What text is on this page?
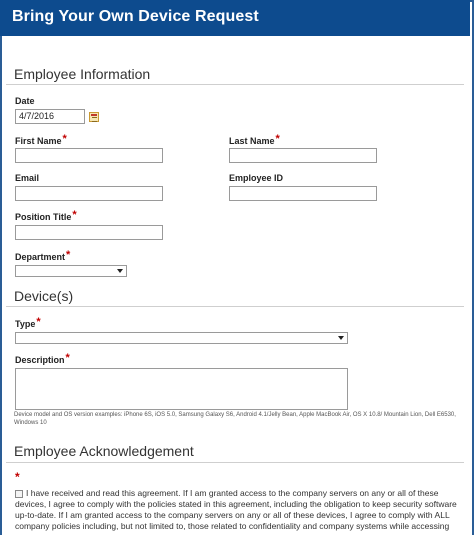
Bring Your Own Device Request
Employee Information
Date
4/7/2016
First Name*	Last Name*
Email	Employee ID
Position Title*
Department*
Device(s)
Type*
Description*
Device model and OS version examples: iPhone 6S, iOS 5.0, Samsung Galaxy S6, Android 4.1/Jelly Bean, Apple MacBook Air, OS X 10.8/ Mountain Lion, Dell E6530, Windows 10
Employee Acknowledgement
*
I have received and read this agreement. If I am granted access to the company servers on any or all of these devices, I agree to comply with the policies stated in this agreement, including the obligation to keep security software up-to-date. If I am granted access to the company servers on any or all of these devices, I agree to comply with ALL company policies including, but not limited to, those related to confidentiality and company systems while accessing
